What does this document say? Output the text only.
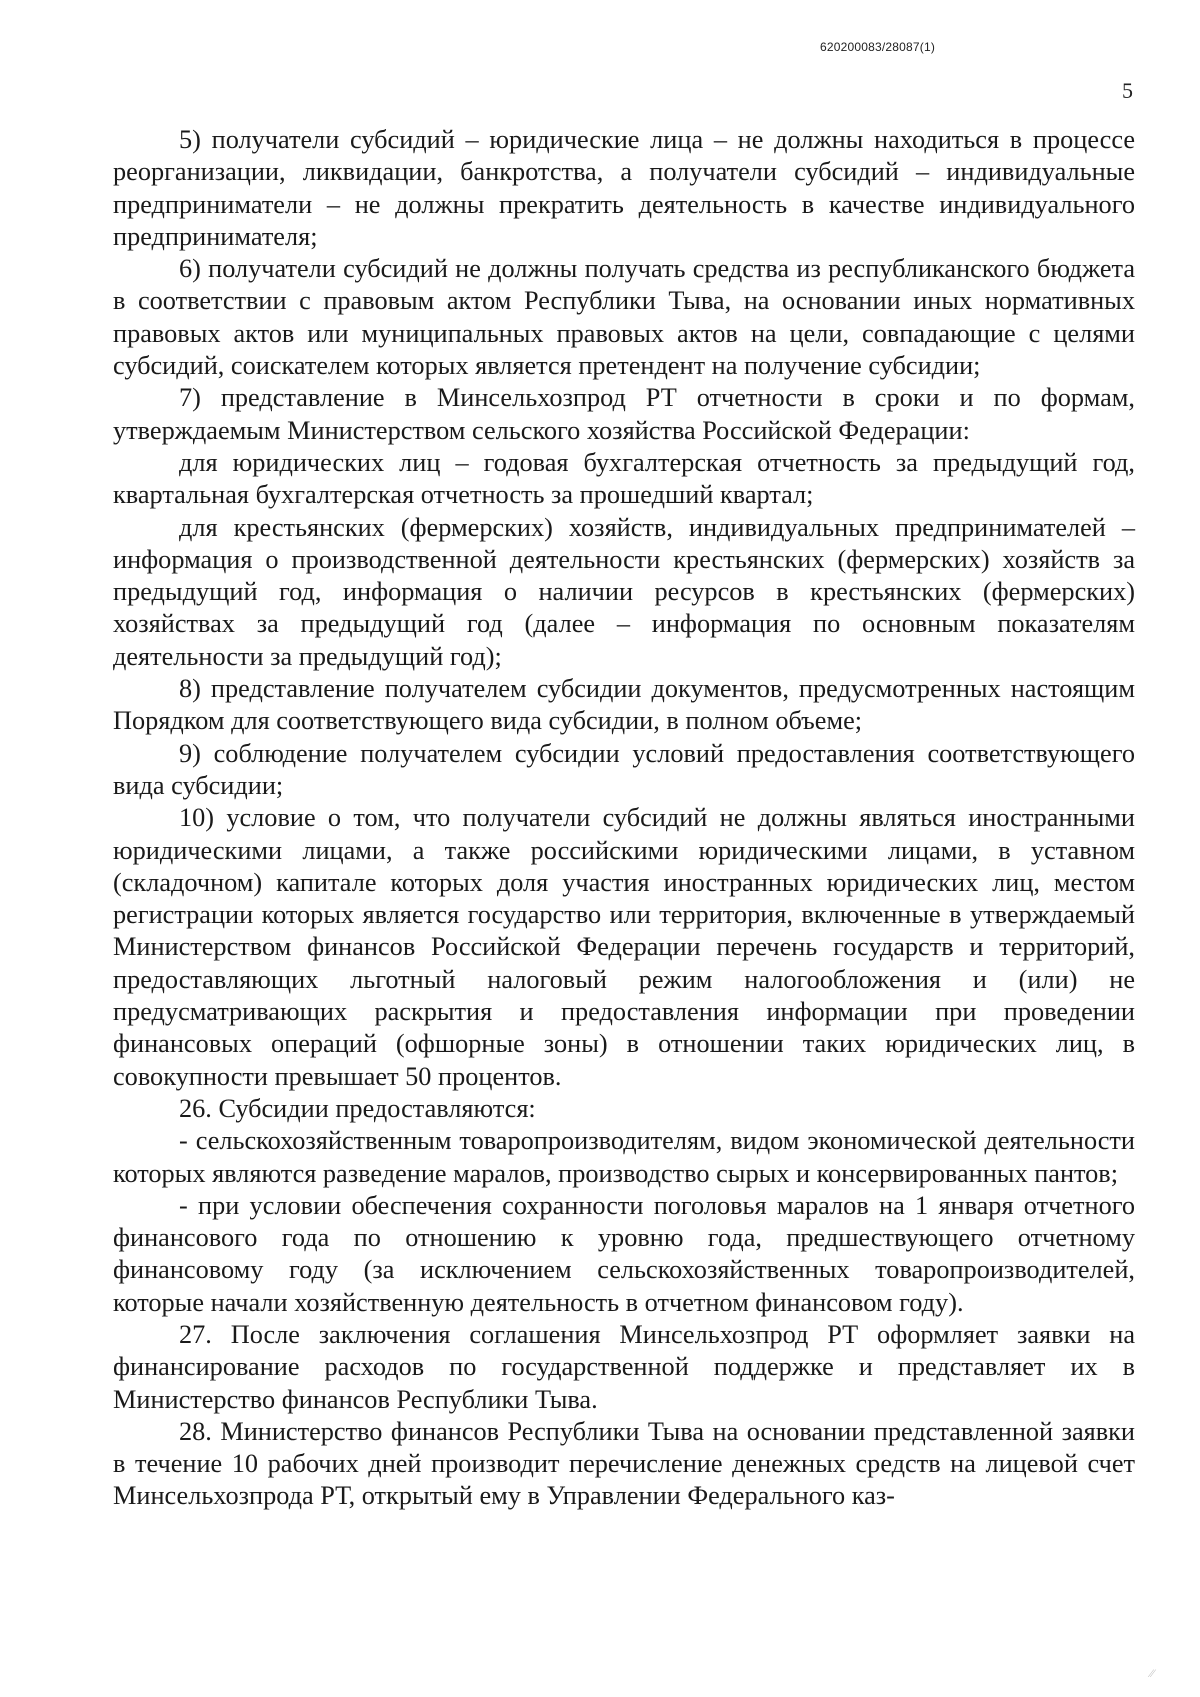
620200083/28087(1)
5

5) получатели субсидий – юридические лица – не должны находиться в процессе реорганизации, ликвидации, банкротства, а получатели субсидий – индивидуальные предприниматели – не должны прекратить деятельность в качестве индивидуального предпринимателя;

6) получатели субсидий не должны получать средства из республиканского бюджета в соответствии с правовым актом Республики Тыва, на основании иных нормативных правовых актов или муниципальных правовых актов на цели, совпадающие с целями субсидий, соискателем которых является претендент на получение субсидии;

7) представление в Минсельхозпрод РТ отчетности в сроки и по формам, утверждаемым Министерством сельского хозяйства Российской Федерации:

для юридических лиц – годовая бухгалтерская отчетность за предыдущий год, квартальная бухгалтерская отчетность за прошедший квартал;

для крестьянских (фермерских) хозяйств, индивидуальных предпринимателей – информация о производственной деятельности крестьянских (фермерских) хозяйств за предыдущий год, информация о наличии ресурсов в крестьянских (фермерских) хозяйствах за предыдущий год (далее – информация по основным показателям деятельности за предыдущий год);

8) представление получателем субсидии документов, предусмотренных настоящим Порядком для соответствующего вида субсидии, в полном объеме;

9) соблюдение получателем субсидии условий предоставления соответствующего вида субсидии;

10) условие о том, что получатели субсидий не должны являться иностранными юридическими лицами, а также российскими юридическими лицами, в уставном (складочном) капитале которых доля участия иностранных юридических лиц, местом регистрации которых является государство или территория, включенные в утверждаемый Министерством финансов Российской Федерации перечень государств и территорий, предоставляющих льготный налоговый режим налогообложения и (или) не предусматривающих раскрытия и предоставления информации при проведении финансовых операций (офшорные зоны) в отношении таких юридических лиц, в совокупности превышает 50 процентов.

26. Субсидии предоставляются:

- сельскохозяйственным товаропроизводителям, видом экономической деятельности которых являются разведение маралов, производство сырых и консервированных пантов;

- при условии обеспечения сохранности поголовья маралов на 1 января отчетного финансового года по отношению к уровню года, предшествующего отчетному финансовому году (за исключением сельскохозяйственных товаропроизводителей, которые начали хозяйственную деятельность в отчетном финансовом году).

27. После заключения соглашения Минсельхозпрод РТ оформляет заявки на финансирование расходов по государственной поддержке и представляет их в Министерство финансов Республики Тыва.

28. Министерство финансов Республики Тыва на основании представленной заявки в течение 10 рабочих дней производит перечисление денежных средств на лицевой счет Минсельхозпрода РТ, открытый ему в Управлении Федерального каз-

⁄⁄
